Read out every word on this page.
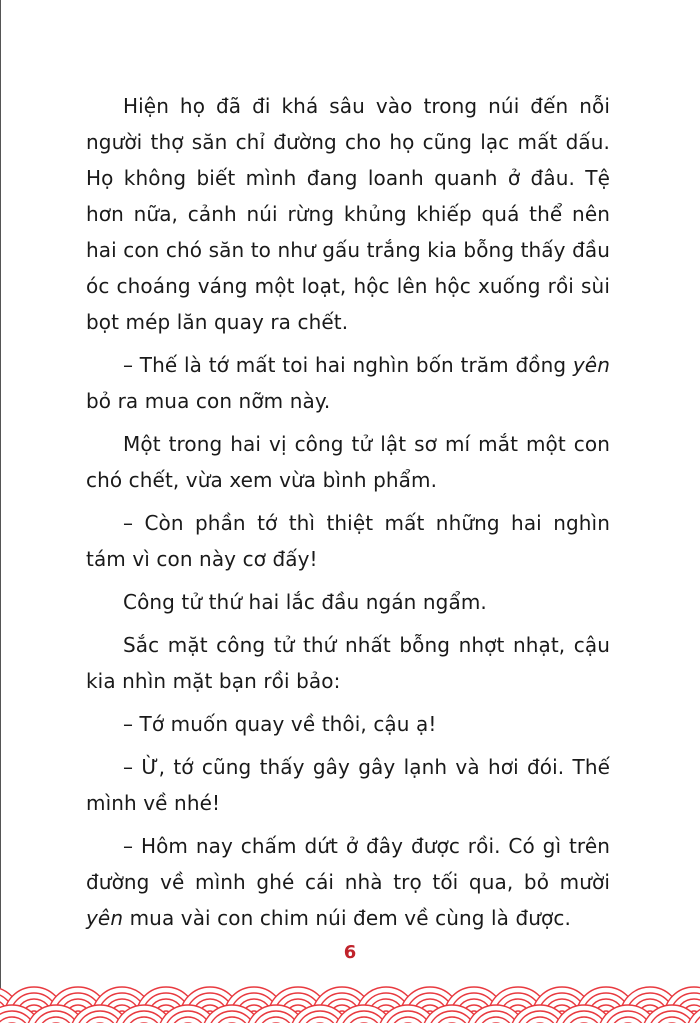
Hiện họ đã đi khá sâu vào trong núi đến nỗi người thợ săn chỉ đường cho họ cũng lạc mất dấu. Họ không biết mình đang loanh quanh ở đâu. Tệ hơn nữa, cảnh núi rừng khủng khiếp quá thể nên hai con chó săn to như gấu trắng kia bỗng thấy đầu óc choáng váng một loạt, hộc lên hộc xuống rồi sùi bọt mép lăn quay ra chết.

– Thế là tớ mất toi hai nghìn bốn trăm đồng yên bỏ ra mua con nỡm này.

Một trong hai vị công tử lật sơ mí mắt một con chó chết, vừa xem vừa bình phẩm.

– Còn phần tớ thì thiệt mất những hai nghìn tám vì con này cơ đấy!

Công tử thứ hai lắc đầu ngán ngẩm.

Sắc mặt công tử thứ nhất bỗng nhợt nhạt, cậu kia nhìn mặt bạn rồi bảo:

– Tớ muốn quay về thôi, cậu ạ!

– Ừ, tớ cũng thấy gây gây lạnh và hơi đói. Thế mình về nhé!

– Hôm nay chấm dứt ở đây được rồi. Có gì trên đường về mình ghé cái nhà trọ tối qua, bỏ mười yên mua vài con chim núi đem về cùng là được.

6
